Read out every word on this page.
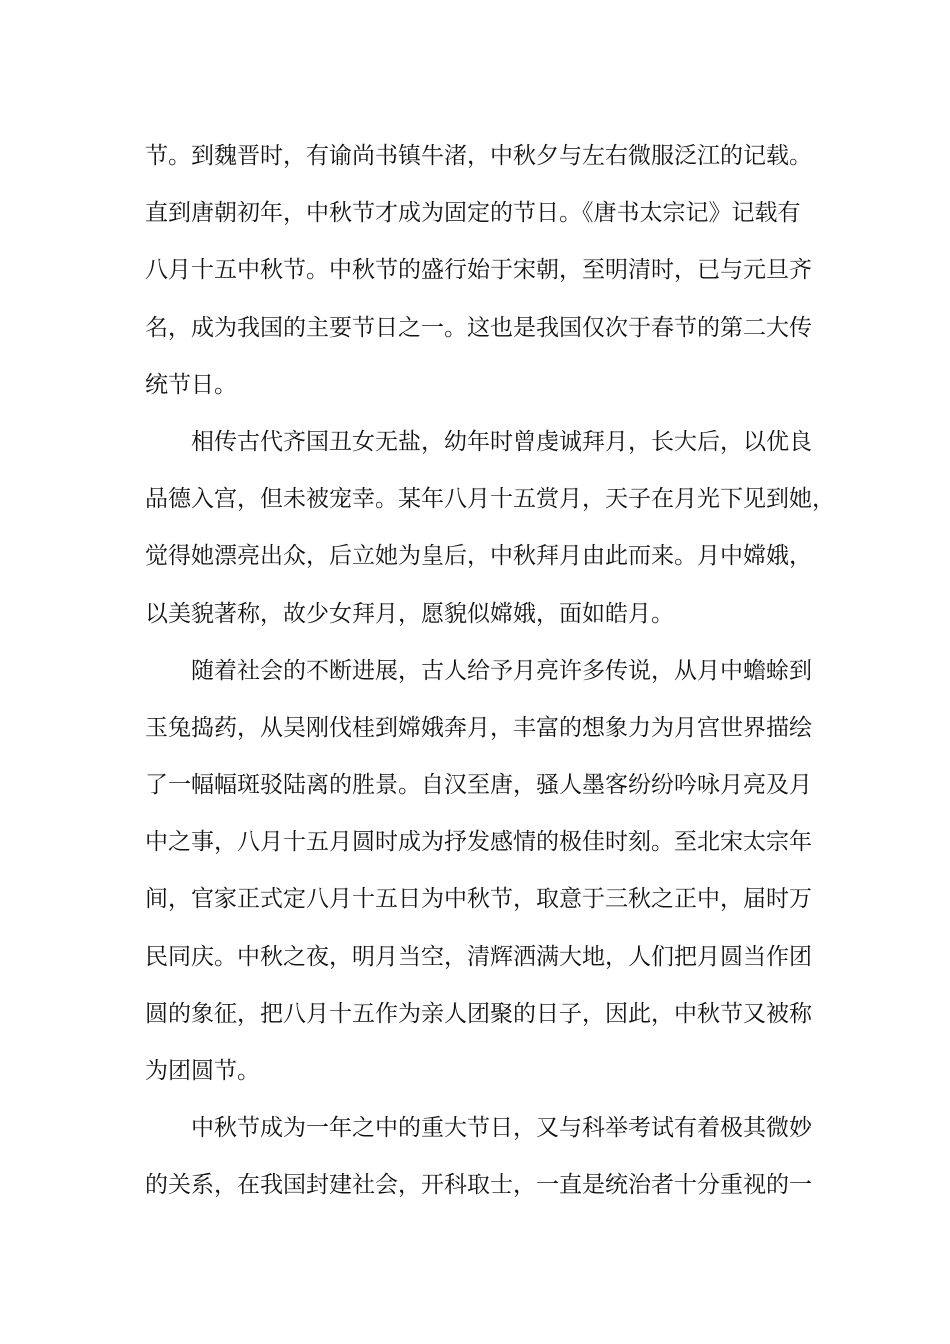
节。到魏晋时，有谕尚书镇牛渚，中秋夕与左右微服泛江的记载。
直到唐朝初年，中秋节才成为固定的节日。《唐书太宗记》记载有
八月十五中秋节。中秋节的盛行始于宋朝，至明清时，已与元旦齐
名，成为我国的主要节日之一。这也是我国仅次于春节的第二大传
统节日。
相传古代齐国丑女无盐，幼年时曾虔诚拜月，长大后，以优良
品德入宫，但未被宠幸。某年八月十五赏月，天子在月光下见到她，
觉得她漂亮出众，后立她为皇后，中秋拜月由此而来。月中嫦娥，
以美貌著称，故少女拜月，愿貌似嫦娥，面如皓月。
随着社会的不断进展，古人给予月亮许多传说，从月中蟾蜍到
玉兔捣药，从吴刚伐桂到嫦娥奔月，丰富的想象力为月宫世界描绘
了一幅幅斑驳陆离的胜景。自汉至唐，骚人墨客纷纷吟咏月亮及月
中之事，八月十五月圆时成为抒发感情的极佳时刻。至北宋太宗年
间，官家正式定八月十五日为中秋节，取意于三秋之正中，届时万
民同庆。中秋之夜，明月当空，清辉洒满大地，人们把月圆当作团
圆的象征，把八月十五作为亲人团聚的日子，因此，中秋节又被称
为团圆节。
中秋节成为一年之中的重大节日，又与科举考试有着极其微妙
的关系，在我国封建社会，开科取士，一直是统治者十分重视的一
